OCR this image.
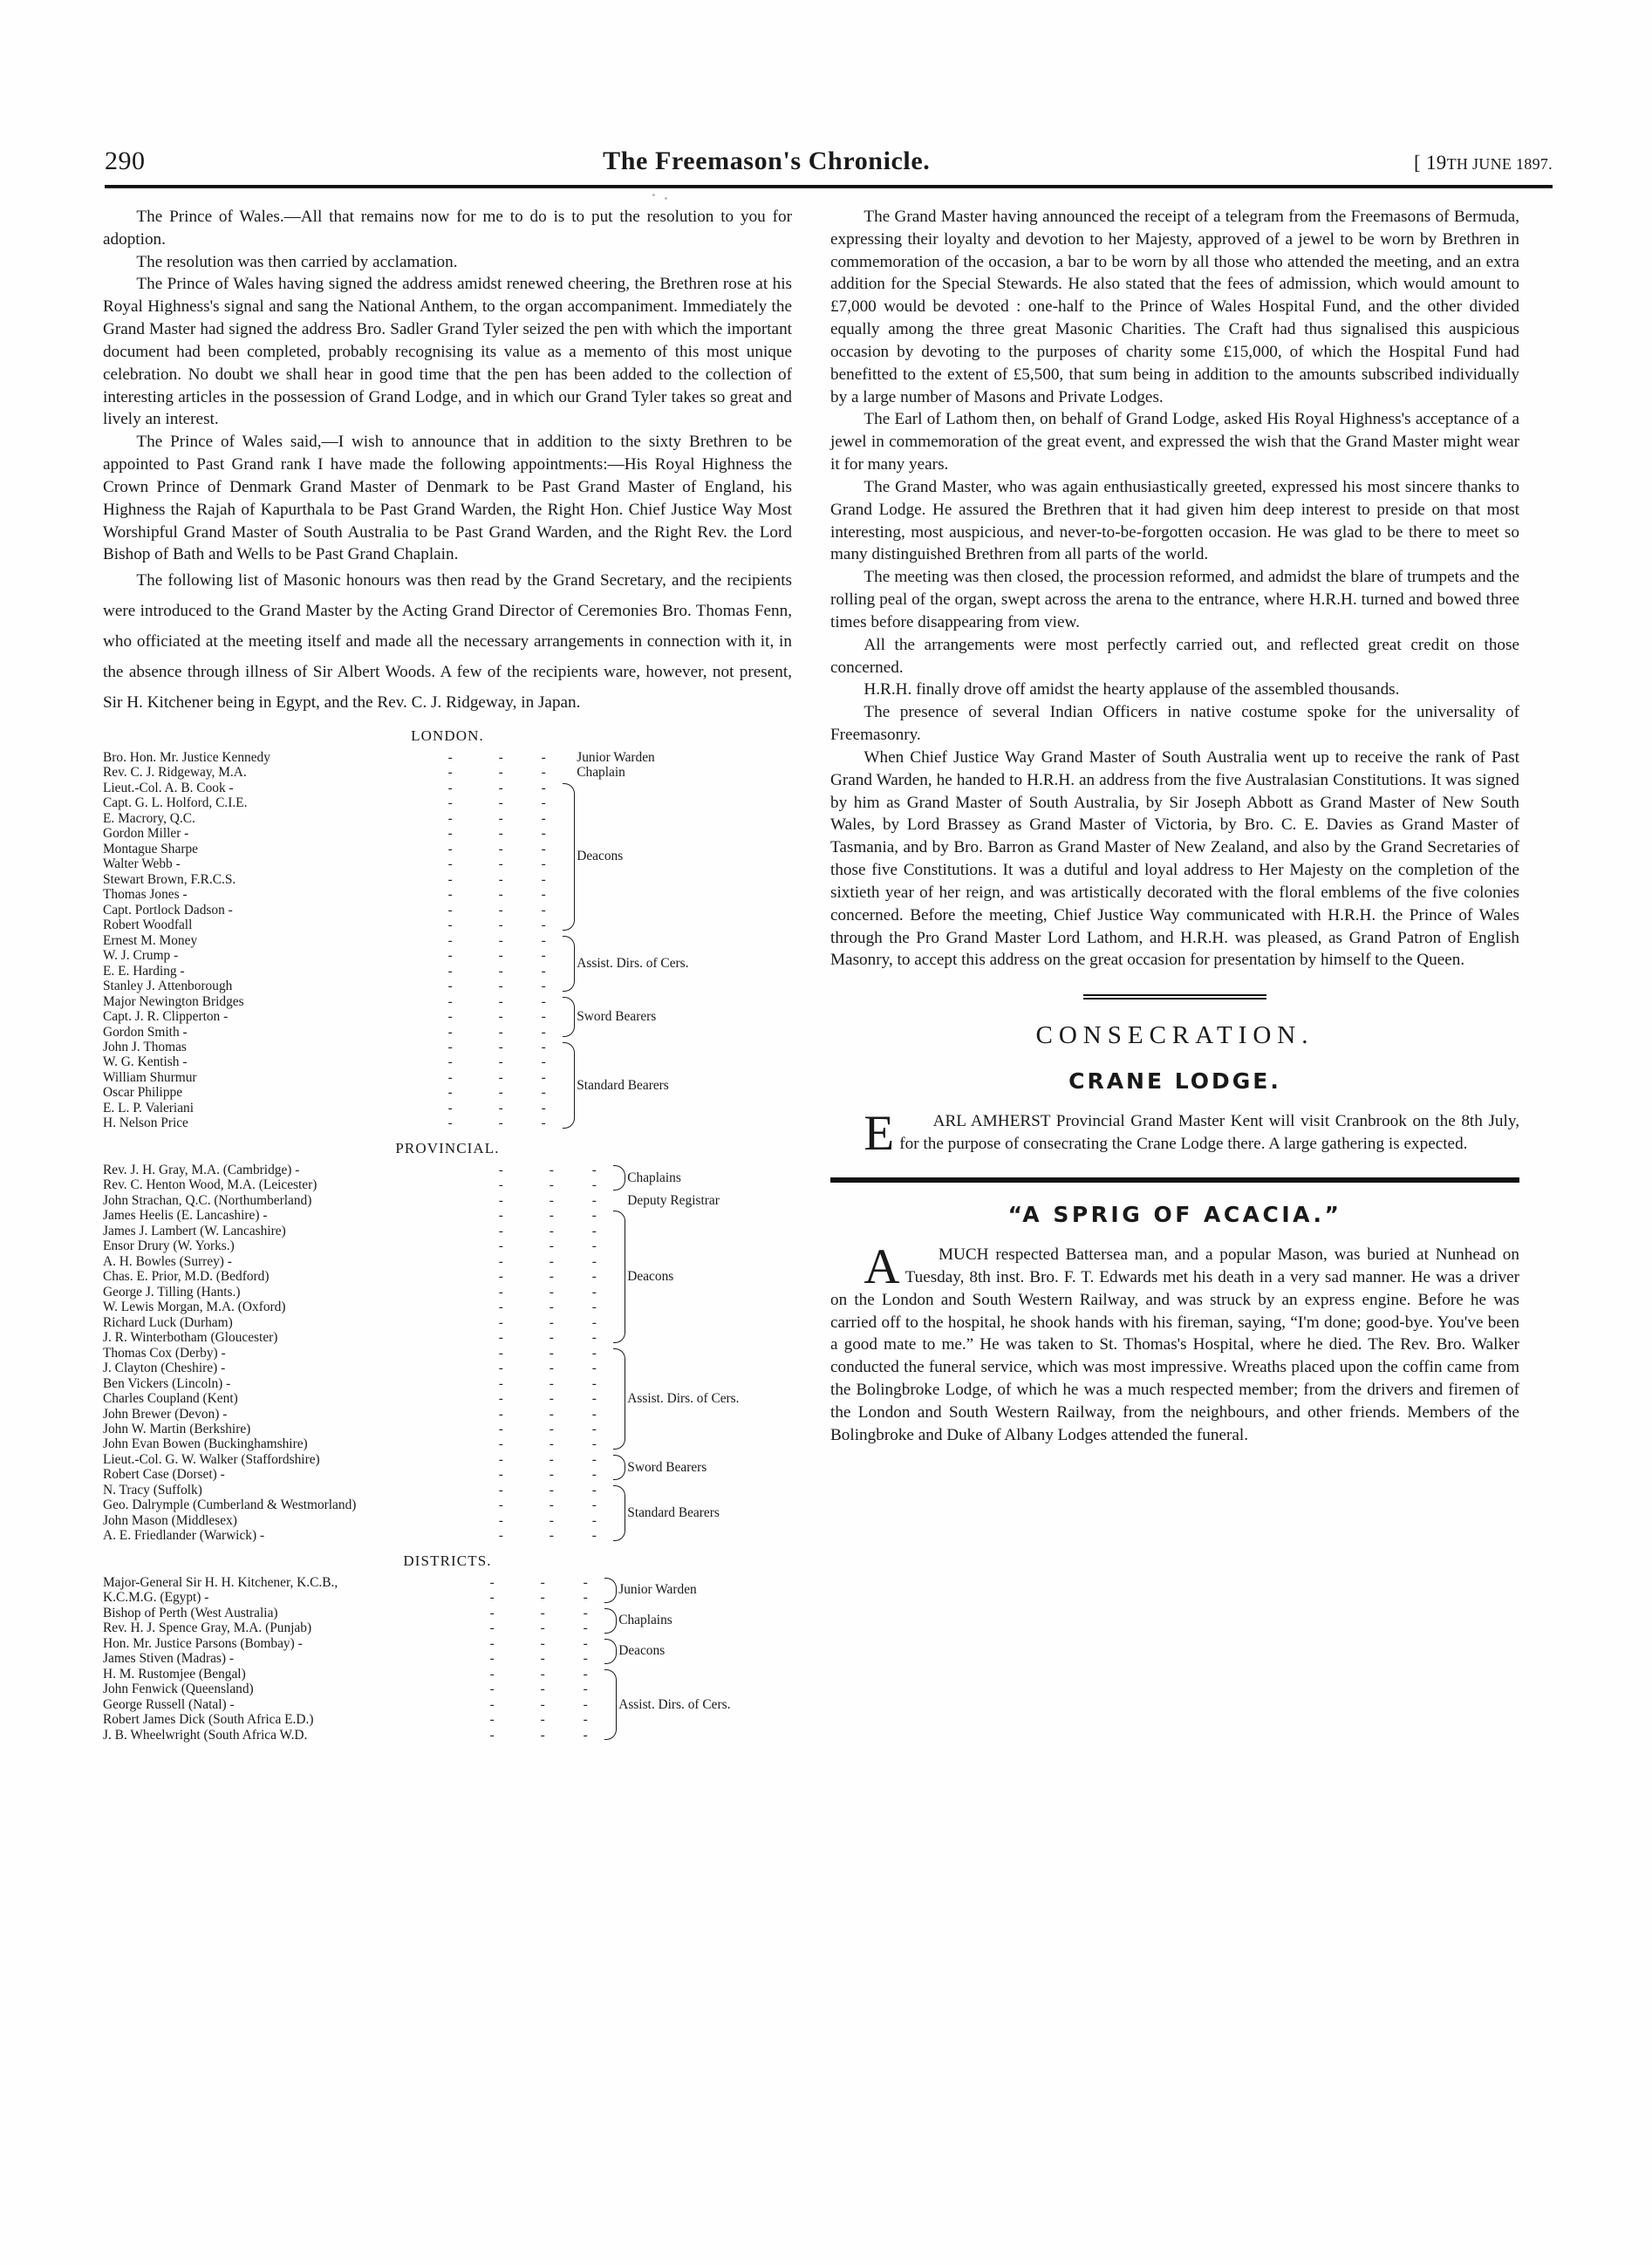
290	The Freemason's Chronicle.	[ 19TH JUNE 1897.

The Prince of Wales.—All that remains now for me to do is to put the resolution to you for adoption.

The resolution was then carried by acclamation.

The Prince of Wales having signed the address amidst renewed cheering, the Brethren rose at his Royal Highness's signal and sang the National Anthem, to the organ accompaniment. Immediately the Grand Master had signed the address Bro. Sadler Grand Tyler seized the pen with which the important document had been completed, probably recognising its value as a memento of this most unique celebration. No doubt we shall hear in good time that the pen has been added to the collection of interesting articles in the possession of Grand Lodge, and in which our Grand Tyler takes so great and lively an interest.

The Prince of Wales said,—I wish to announce that in addition to the sixty Brethren to be appointed to Past Grand rank I have made the following appointments:—His Royal Highness the Crown Prince of Denmark Grand Master of Denmark to be Past Grand Master of England, his Highness the Rajah of Kapurthala to be Past Grand Warden, the Right Hon. Chief Justice Way Most Worshipful Grand Master of South Australia to be Past Grand Warden, and the Right Rev. the Lord Bishop of Bath and Wells to be Past Grand Chaplain.

The following list of Masonic honours was then read by the Grand Secretary, and the recipients were introduced to the Grand Master by the Acting Grand Director of Ceremonies Bro. Thomas Fenn, who officiated at the meeting itself and made all the necessary arrangements in connection with it, in the absence through illness of Sir Albert Woods. A few of the recipients ware, however, not present, Sir H. Kitchener being in Egypt, and the Rev. C. J. Ridgeway, in Japan.

LONDON.
Bro. Hon. Mr. Justice Kennedy	-	-	-		Junior Warden
Rev. C. J. Ridgeway, M.A.	-	-	-		Chaplain
Lieut.-Col. A. B. Cook -	-	-	-		Deacons
Capt. G. L. Holford, C.I.E.	-	-	-		
E. Macrory, Q.C.	-	-	-		
Gordon Miller -	-	-	-		
Montague Sharpe	-	-	-		
Walter Webb -	-	-	-		
Stewart Brown, F.R.C.S.	-	-	-		
Thomas Jones -	-	-	-		
Capt. Portlock Dadson -	-	-	-		
Robert Woodfall	-	-	-		
Ernest M. Money	-	-	-		Assist. Dirs. of Cers.
W. J. Crump -	-	-	-		
E. E. Harding -	-	-	-		
Stanley J. Attenborough	-	-	-		
Major Newington Bridges	-	-	-		Sword Bearers
Capt. J. R. Clipperton -	-	-	-		
Gordon Smith -	-	-	-		
John J. Thomas	-	-	-		Standard Bearers
W. G. Kentish -	-	-	-		
William Shurmur	-	-	-		
Oscar Philippe	-	-	-		
E. L. P. Valeriani	-	-	-		
H. Nelson Price	-	-	-		
PROVINCIAL.
Rev. J. H. Gray, M.A. (Cambridge) -	-	-	-		Chaplains
Rev. C. Henton Wood, M.A. (Leicester)	-	-	-		
John Strachan, Q.C. (Northumberland)	-	-	-		Deputy Registrar
James Heelis (E. Lancashire) -	-	-	-		Deacons
James J. Lambert (W. Lancashire)	-	-	-		
Ensor Drury (W. Yorks.)	-	-	-		
A. H. Bowles (Surrey) -	-	-	-		
Chas. E. Prior, M.D. (Bedford)	-	-	-		
George J. Tilling (Hants.)	-	-	-		
W. Lewis Morgan, M.A. (Oxford)	-	-	-		
Richard Luck (Durham)	-	-	-		
J. R. Winterbotham (Gloucester)	-	-	-		
Thomas Cox (Derby) -	-	-	-		Assist. Dirs. of Cers.
J. Clayton (Cheshire) -	-	-	-		
Ben Vickers (Lincoln) -	-	-	-		
Charles Coupland (Kent)	-	-	-		
John Brewer (Devon) -	-	-	-		
John W. Martin (Berkshire)	-	-	-		
John Evan Bowen (Buckinghamshire)	-	-	-		
Lieut.-Col. G. W. Walker (Staffordshire)	-	-	-		Sword Bearers
Robert Case (Dorset) -	-	-	-		
N. Tracy (Suffolk)	-	-	-		Standard Bearers
Geo. Dalrymple (Cumberland & Westmorland)	-	-	-		
John Mason (Middlesex)	-	-	-		
A. E. Friedlander (Warwick) -	-	-	-		
DISTRICTS.
Major-General Sir H. H. Kitchener, K.C.B.,	-	-	-		Junior Warden
K.C.M.G. (Egypt) -	-	-	-		
Bishop of Perth (West Australia)	-	-	-		Chaplains
Rev. H. J. Spence Gray, M.A. (Punjab)	-	-	-		
Hon. Mr. Justice Parsons (Bombay) -	-	-	-		Deacons
James Stiven (Madras) -	-	-	-		
H. M. Rustomjee (Bengal)	-	-	-		Assist. Dirs. of Cers.
John Fenwick (Queensland)	-	-	-		
George Russell (Natal) -	-	-	-		
Robert James Dick (South Africa E.D.)	-	-	-		
J. B. Wheelwright (South Africa W.D.	-	-	-		

The Grand Master having announced the receipt of a telegram from the Freemasons of Bermuda, expressing their loyalty and devotion to her Majesty, approved of a jewel to be worn by Brethren in commemoration of the occasion, a bar to be worn by all those who attended the meeting, and an extra addition for the Special Stewards. He also stated that the fees of admission, which would amount to £7,000 would be devoted : one-half to the Prince of Wales Hospital Fund, and the other divided equally among the three great Masonic Charities. The Craft had thus signalised this auspicious occasion by devoting to the purposes of charity some £15,000, of which the Hospital Fund had benefitted to the extent of £5,500, that sum being in addition to the amounts subscribed individually by a large number of Masons and Private Lodges.

The Earl of Lathom then, on behalf of Grand Lodge, asked His Royal Highness's acceptance of a jewel in commemoration of the great event, and expressed the wish that the Grand Master might wear it for many years.

The Grand Master, who was again enthusiastically greeted, expressed his most sincere thanks to Grand Lodge. He assured the Brethren that it had given him deep interest to preside on that most interesting, most auspicious, and never-to-be-forgotten occasion. He was glad to be there to meet so many distinguished Brethren from all parts of the world.

The meeting was then closed, the procession reformed, and admidst the blare of trumpets and the rolling peal of the organ, swept across the arena to the entrance, where H.R.H. turned and bowed three times before disappearing from view.

All the arrangements were most perfectly carried out, and reflected great credit on those concerned.

H.R.H. finally drove off amidst the hearty applause of the assembled thousands.

The presence of several Indian Officers in native costume spoke for the universality of Freemasonry.

When Chief Justice Way Grand Master of South Australia went up to receive the rank of Past Grand Warden, he handed to H.R.H. an address from the five Australasian Constitutions. It was signed by him as Grand Master of South Australia, by Sir Joseph Abbott as Grand Master of New South Wales, by Lord Brassey as Grand Master of Victoria, by Bro. C. E. Davies as Grand Master of Tasmania, and by Bro. Barron as Grand Master of New Zealand, and also by the Grand Secretaries of those five Constitutions. It was a dutiful and loyal address to Her Majesty on the completion of the sixtieth year of her reign, and was artistically decorated with the floral emblems of the five colonies concerned. Before the meeting, Chief Justice Way communicated with H.R.H. the Prince of Wales through the Pro Grand Master Lord Lathom, and H.R.H. was pleased, as Grand Patron of English Masonry, to accept this address on the great occasion for presentation by himself to the Queen.

CONSECRATION.
CRANE LODGE.

E	ARL AMHERST Provincial Grand Master Kent will visit Cranbrook on the 8th July, for the purpose of consecrating the Crane Lodge there. A large gathering is expected.

“A SPRIG OF ACACIA.”

A	MUCH respected Battersea man, and a popular Mason, was buried at Nunhead on Tuesday, 8th inst. Bro. F. T. Edwards met his death in a very sad manner. He was a driver on the London and South Western Railway, and was struck by an express engine. Before he was carried off to the hospital, he shook hands with his fireman, saying, “I'm done; good-bye. You've been a good mate to me.” He was taken to St. Thomas's Hospital, where he died. The Rev. Bro. Walker conducted the funeral service, which was most impressive. Wreaths placed upon the coffin came from the Bolingbroke Lodge, of which he was a much respected member; from the drivers and firemen of the London and South Western Railway, from the neighbours, and other friends. Members of the Bolingbroke and Duke of Albany Lodges attended the funeral.
